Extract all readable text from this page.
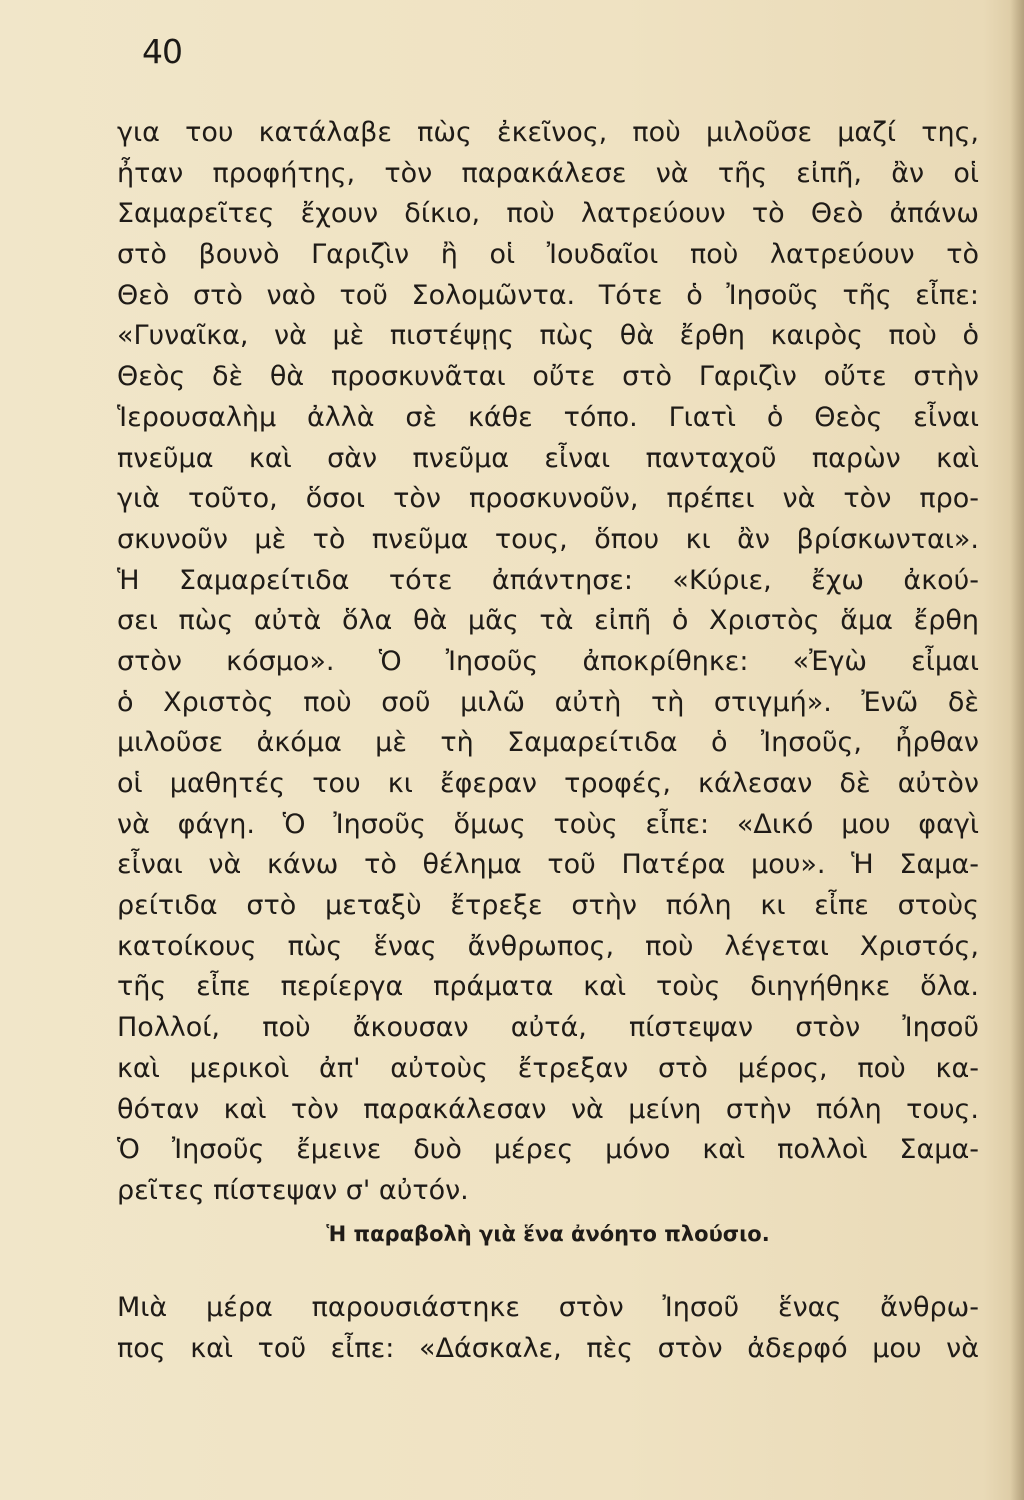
40
για του κατάλαβε πὼς ἐκεῖνος, ποὺ μιλοῦσε μαζί της,
ἦταν προφήτης, τὸν παρακάλεσε νὰ τῆς εἰπῆ, ἂν οἱ
Σαμαρεῖτες ἔχουν δίκιο, ποὺ λατρεύουν τὸ Θεὸ ἀπάνω
στὸ βουνὸ Γαριζὶν ἢ οἱ Ἰουδαῖοι ποὺ λατρεύουν τὸ
Θεὸ στὸ ναὸ τοῦ Σολομῶντα. Τότε ὁ Ἰησοῦς τῆς εἶπε:
«Γυναῖκα, νὰ μὲ πιστέψῃς πὼς θὰ ἔρθη καιρὸς ποὺ ὁ
Θεὸς δὲ θὰ προσκυνᾶται οὔτε στὸ Γαριζὶν οὔτε στὴν
Ἱερουσαλὴμ ἀλλὰ σὲ κάθε τόπο. Γιατὶ ὁ Θεὸς εἶναι
πνεῦμα καὶ σὰν πνεῦμα εἶναι πανταχοῦ παρὼν καὶ
γιὰ τοῦτο, ὅσοι τὸν προσκυνοῦν, πρέπει νὰ τὸν προ-
σκυνοῦν μὲ τὸ πνεῦμα τους, ὅπου κι ἂν βρίσκωνται».
Ἡ Σαμαρείτιδα τότε ἀπάντησε: «Κύριε, ἔχω ἀκού-
σει πὼς αὐτὰ ὅλα θὰ μᾶς τὰ εἰπῆ ὁ Χριστὸς ἅμα ἔρθη
στὸν κόσμο». Ὁ Ἰησοῦς ἀποκρίθηκε: «Ἐγὼ εἶμαι
ὁ Χριστὸς ποὺ σοῦ μιλῶ αὐτὴ τὴ στιγμή». Ἐνῶ δὲ
μιλοῦσε ἀκόμα μὲ τὴ Σαμαρείτιδα ὁ Ἰησοῦς, ἦρθαν
οἱ μαθητές του κι ἔφεραν τροφές, κάλεσαν δὲ αὐτὸν
νὰ φάγη. Ὁ Ἰησοῦς ὅμως τοὺς εἶπε: «Δικό μου φαγὶ
εἶναι νὰ κάνω τὸ θέλημα τοῦ Πατέρα μου». Ἡ Σαμα-
ρείτιδα στὸ μεταξὺ ἔτρεξε στὴν πόλη κι εἶπε στοὺς
κατοίκους πὼς ἕνας ἄνθρωπος, ποὺ λέγεται Χριστός,
τῆς εἶπε περίεργα πράματα καὶ τοὺς διηγήθηκε ὅλα.
Πολλοί, ποὺ ἄκουσαν αὐτά, πίστεψαν στὸν Ἰησοῦ
καὶ μερικοὶ ἀπ' αὐτοὺς ἔτρεξαν στὸ μέρος, ποὺ κα-
θόταν καὶ τὸν παρακάλεσαν νὰ μείνη στὴν πόλη τους.
Ὁ Ἰησοῦς ἔμεινε δυὸ μέρες μόνο καὶ πολλοὶ Σαμα-
ρεῖτες πίστεψαν σ' αὐτόν.
Ἡ παραβολὴ γιὰ ἕνα ἀνόητο πλούσιο.
Μιὰ μέρα παρουσιάστηκε στὸν Ἰησοῦ ἕνας ἄνθρω-
πος καὶ τοῦ εἶπε: «Δάσκαλε, πὲς στὸν ἀδερφό μου νὰ
